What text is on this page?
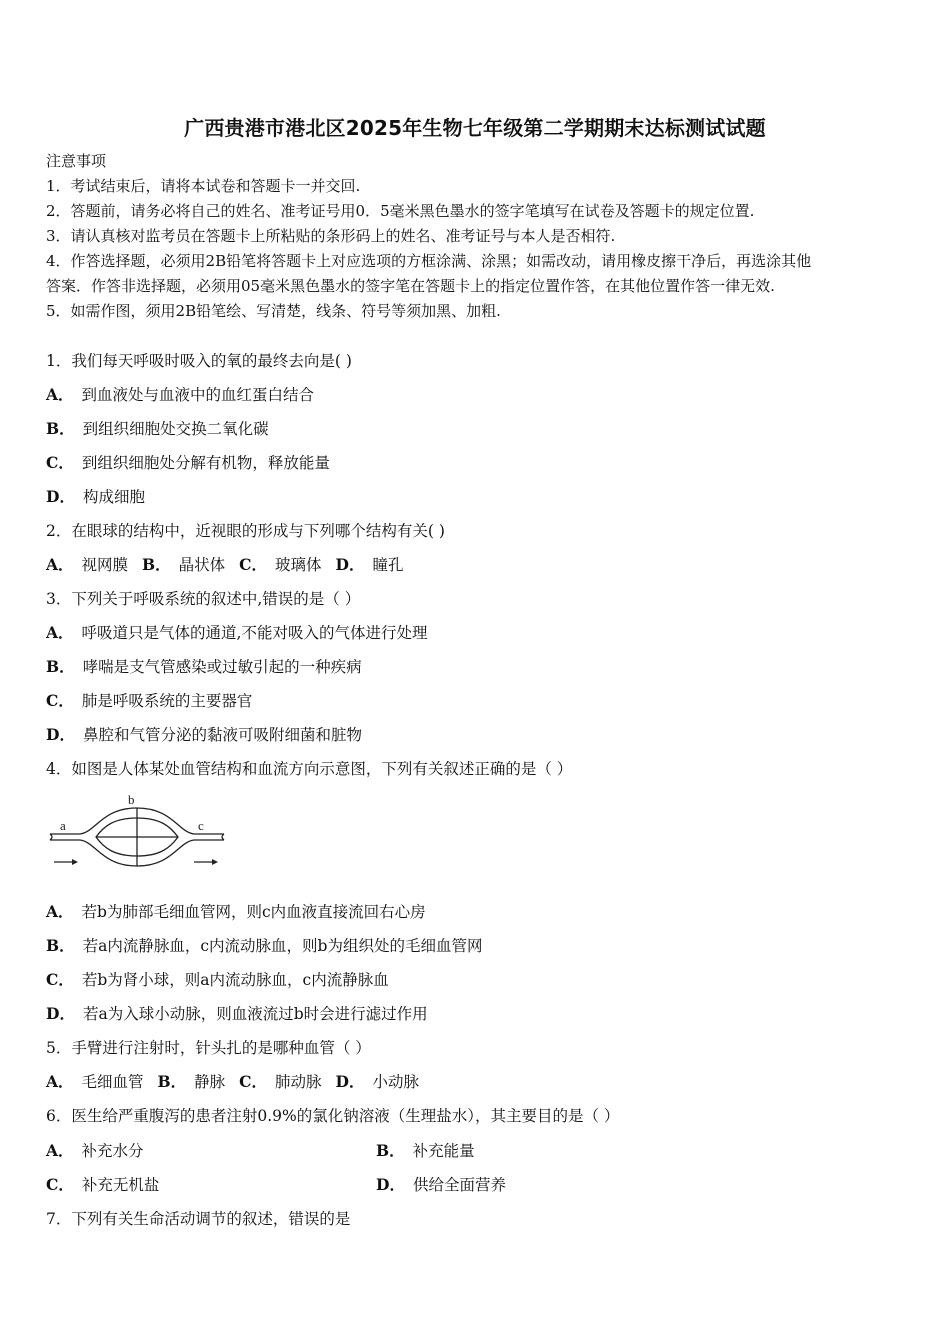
广西贵港市港北区2025年生物七年级第二学期期末达标测试试题
注意事项
1．考试结束后，请将本试卷和答题卡一并交回.
2．答题前，请务必将自己的姓名、准考证号用0．5毫米黑色墨水的签字笔填写在试卷及答题卡的规定位置.
3．请认真核对监考员在答题卡上所粘贴的条形码上的姓名、准考证号与本人是否相符.
4．作答选择题，必须用2B铅笔将答题卡上对应选项的方框涂满、涂黑；如需改动，请用橡皮擦干净后，再选涂其他
答案．作答非选择题，必须用05毫米黑色墨水的签字笔在答题卡上的指定位置作答，在其他位置作答一律无效.
5．如需作图，须用2B铅笔绘、写清楚，线条、符号等须加黑、加粗.
1．我们每天呼吸时吸入的氧的最终去向是( )
A． 到血液处与血液中的血红蛋白结合
B． 到组织细胞处交换二氧化碳
C． 到组织细胞处分解有机物，释放能量
D． 构成细胞
2．在眼球的结构中，近视眼的形成与下列哪个结构有关( )
A． 视网膜 B． 晶状体 C． 玻璃体 D． 瞳孔
3．下列关于呼吸系统的叙述中,错误的是（ ）
A． 呼吸道只是气体的通道,不能对吸入的气体进行处理
B． 哮喘是支气管感染或过敏引起的一种疾病
C． 肺是呼吸系统的主要器官
D． 鼻腔和气管分泌的黏液可吸附细菌和脏物
4．如图是人体某处血管结构和血流方向示意图，下列有关叙述正确的是（ ）
a
b
c
A． 若b为肺部毛细血管网，则c内血液直接流回右心房
B． 若a内流静脉血，c内流动脉血，则b为组织处的毛细血管网
C． 若b为肾小球，则a内流动脉血，c内流静脉血
D． 若a为入球小动脉，则血液流过b时会进行滤过作用
5．手臂进行注射时，针头扎的是哪种血管（ ）
A． 毛细血管 B． 静脉 C． 肺动脉 D． 小动脉
6．医生给严重腹泻的患者注射0.9%的氯化钠溶液（生理盐水），其主要目的是（ ）
A． 补充水分	B． 补充能量
C． 补充无机盐	D． 供给全面营养
7．下列有关生命活动调节的叙述，错误的是
